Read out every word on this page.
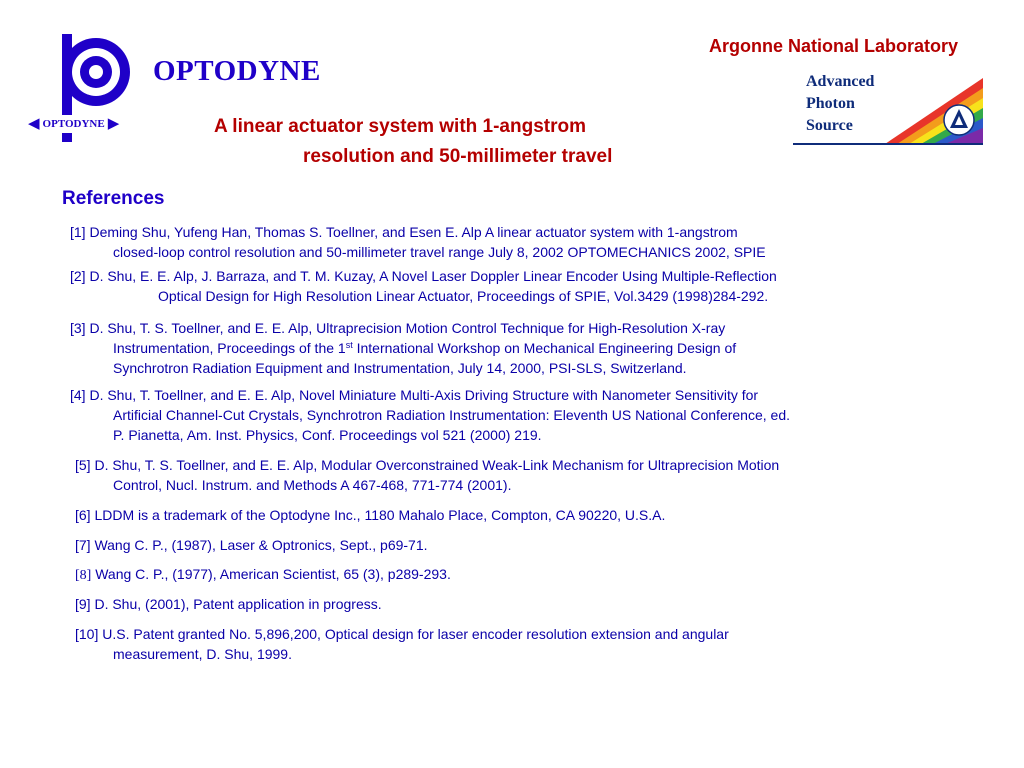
◀ OPTODYNE ▶
OPTODYNE
Argonne National Laboratory
Advanced
Photon
Source
A linear actuator system with 1-angstrom
resolution and 50-millimeter travel
References
[1] Deming Shu, Yufeng Han, Thomas S. Toellner, and Esen E. Alp A linear actuator system with 1-angstrom
closed-loop control resolution and 50-millimeter travel range July 8, 2002 OPTOMECHANICS 2002, SPIE
[2] D. Shu, E. E. Alp, J. Barraza, and T. M. Kuzay, A Novel Laser Doppler Linear Encoder Using Multiple-Reflection
Optical Design for High Resolution Linear Actuator, Proceedings of SPIE, Vol.3429 (1998)284-292.
[3] D. Shu, T. S. Toellner, and E. E. Alp, Ultraprecision Motion Control Technique for High-Resolution X-ray
Instrumentation, Proceedings of the 1st International Workshop on Mechanical Engineering Design of
Synchrotron Radiation Equipment and Instrumentation, July 14, 2000, PSI-SLS, Switzerland.
[4] D. Shu, T. Toellner, and E. E. Alp, Novel Miniature Multi-Axis Driving Structure with Nanometer Sensitivity for
Artificial Channel-Cut Crystals, Synchrotron Radiation Instrumentation: Eleventh US National Conference, ed.
P. Pianetta, Am. Inst. Physics, Conf. Proceedings vol 521 (2000) 219.
[5] D. Shu, T. S. Toellner, and E. E. Alp, Modular Overconstrained Weak-Link Mechanism for Ultraprecision Motion
Control, Nucl. Instrum. and Methods A 467-468, 771-774 (2001).
[6] LDDM is a trademark of the Optodyne Inc., 1180 Mahalo Place, Compton, CA 90220, U.S.A.
[7] Wang C. P., (1987), Laser & Optronics, Sept., p69-71.
[8] Wang C. P., (1977), American Scientist, 65 (3), p289-293.
[9] D. Shu, (2001), Patent application in progress.
[10] U.S. Patent granted No. 5,896,200, Optical design for laser encoder resolution extension and angular
measurement, D. Shu, 1999.
